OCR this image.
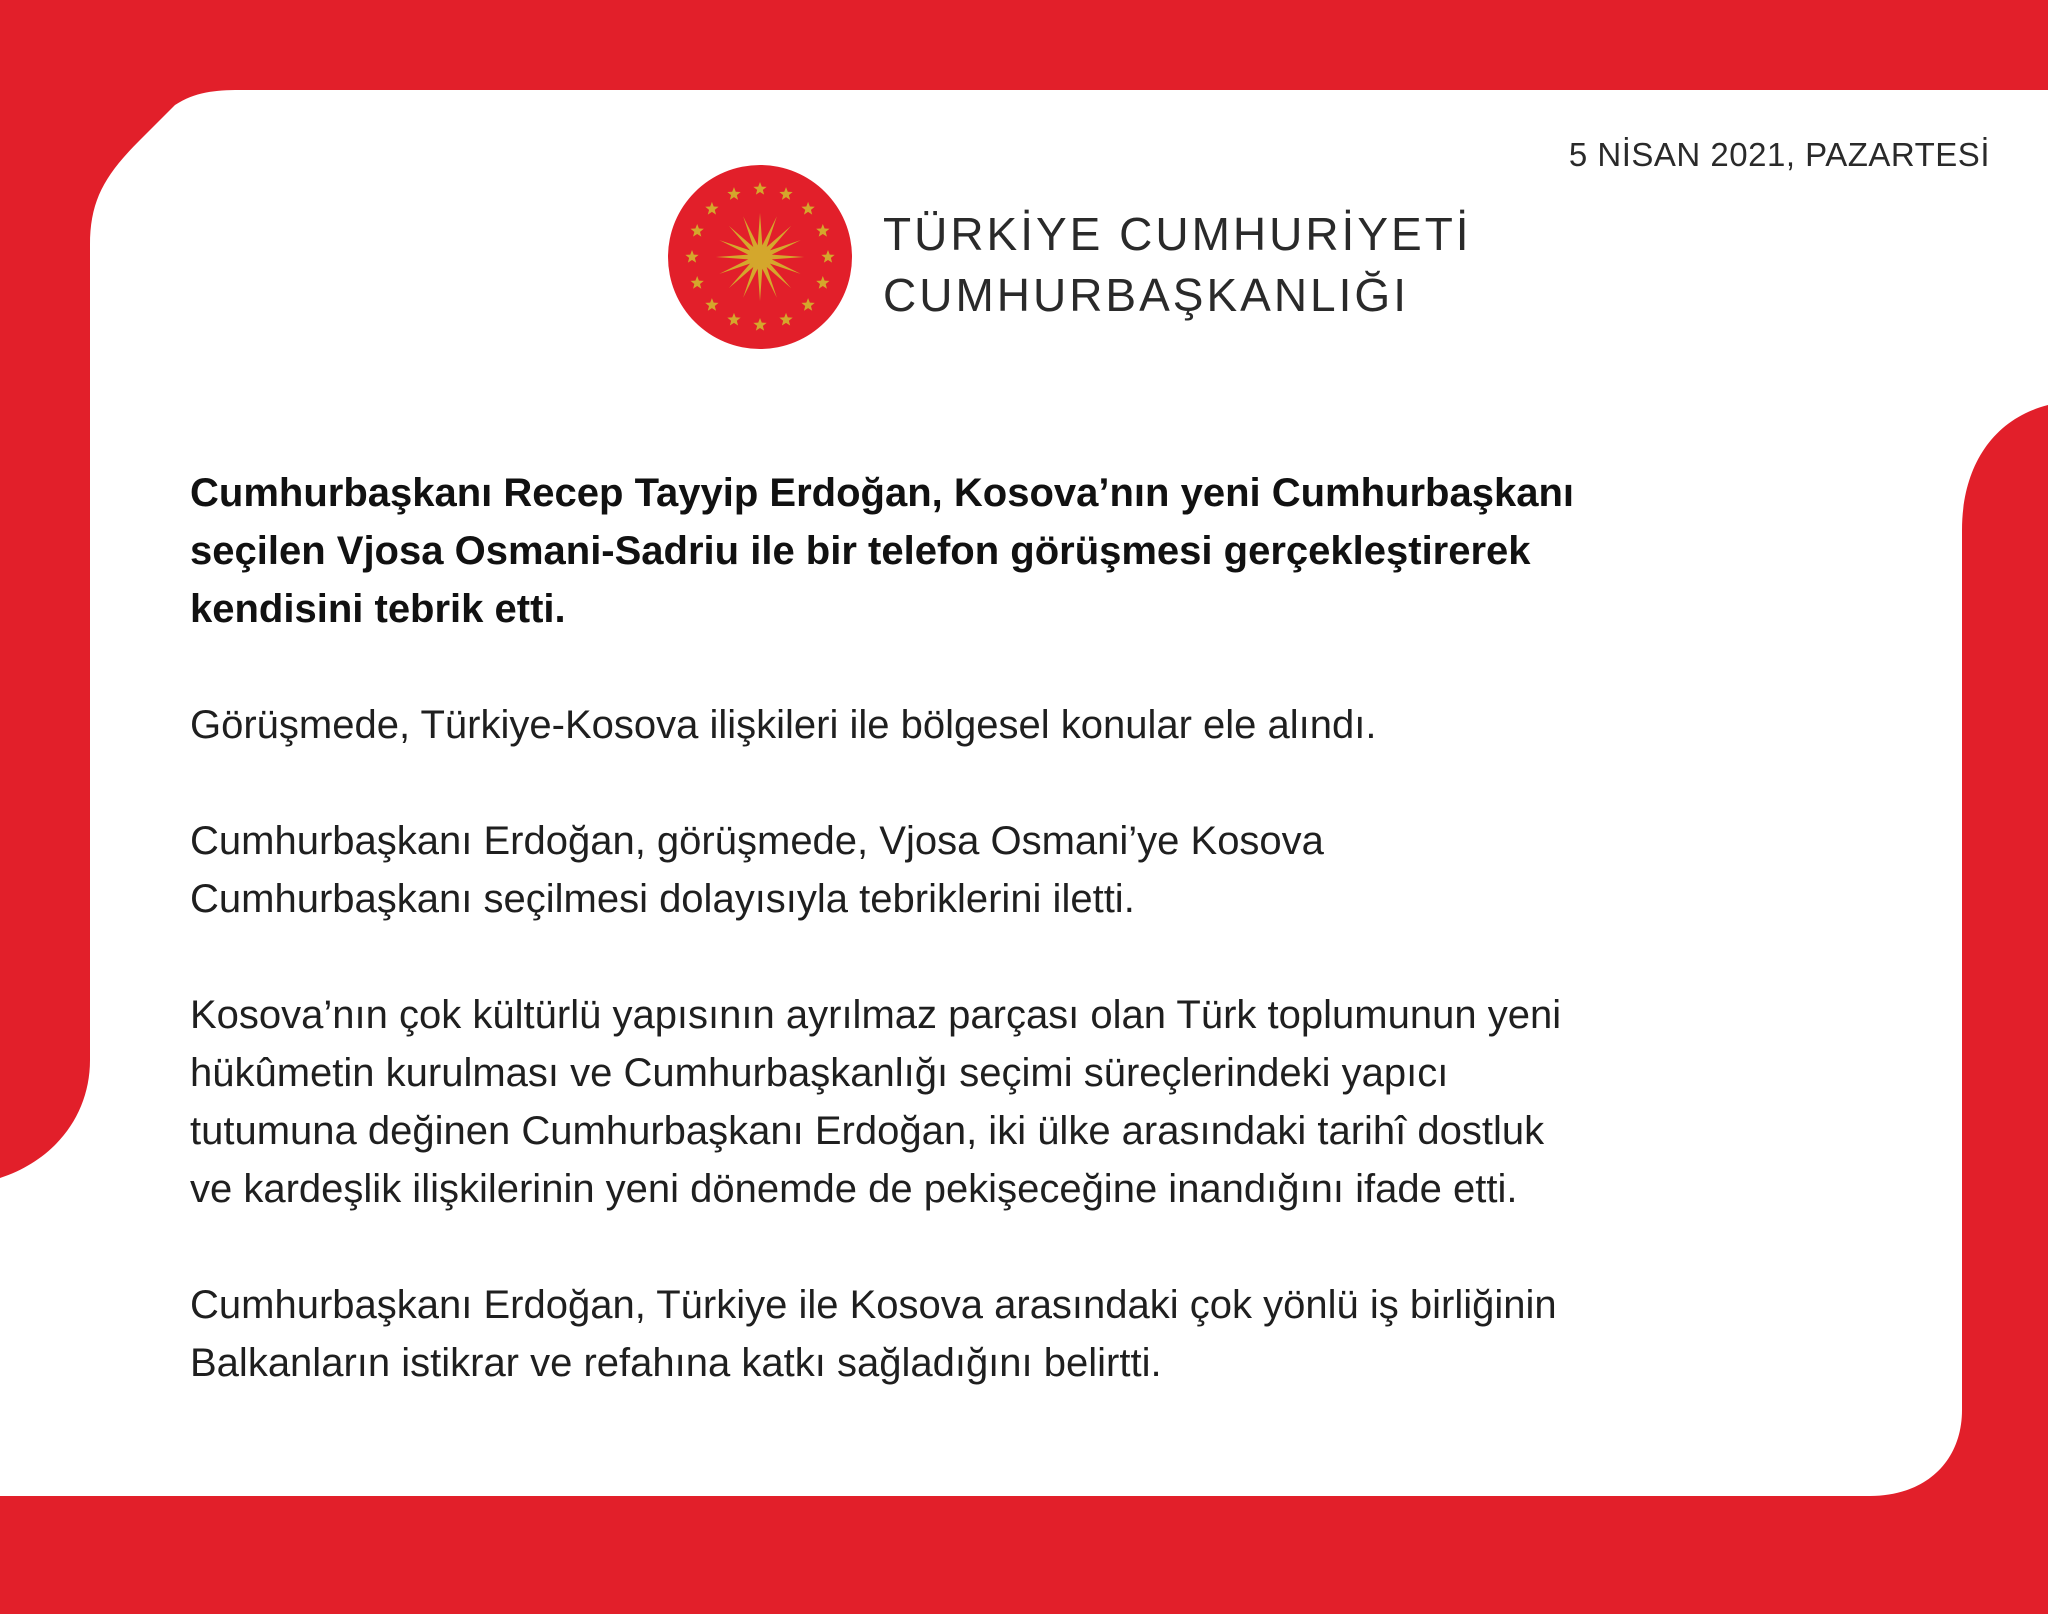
5 NİSAN 2021, PAZARTESİ
TÜRKİYE CUMHURİYETİ
CUMHURBAŞKANLIĞI
Cumhurbaşkanı Recep Tayyip Erdoğan, Kosova’nın yeni Cumhurbaşkanı
seçilen Vjosa Osmani-Sadriu ile bir telefon görüşmesi gerçekleştirerek
kendisini tebrik etti.
Görüşmede, Türkiye-Kosova ilişkileri ile bölgesel konular ele alındı.
Cumhurbaşkanı Erdoğan, görüşmede, Vjosa Osmani’ye Kosova
Cumhurbaşkanı seçilmesi dolayısıyla tebriklerini iletti.
Kosova’nın çok kültürlü yapısının ayrılmaz parçası olan Türk toplumunun yeni
hükûmetin kurulması ve Cumhurbaşkanlığı seçimi süreçlerindeki yapıcı
tutumuna değinen Cumhurbaşkanı Erdoğan, iki ülke arasındaki tarihî dostluk
ve kardeşlik ilişkilerinin yeni dönemde de pekişeceğine inandığını ifade etti.
Cumhurbaşkanı Erdoğan, Türkiye ile Kosova arasındaki çok yönlü iş birliğinin
Balkanların istikrar ve refahına katkı sağladığını belirtti.
